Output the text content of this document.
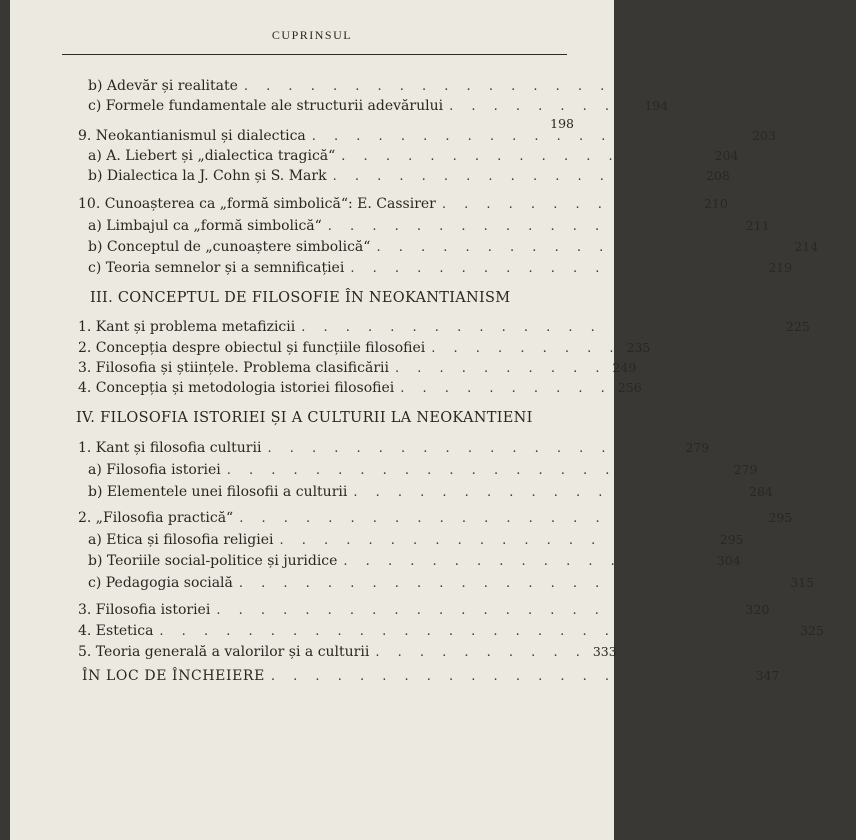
CUPRINSUL
b) Adevăr și realitate . . . . . . . . . . . . . . . . . . . . . . . . . . . .
c) Formele fundamentale ale structurii adevărului . . . . . . . . . 194
198
9. Neokantianismul și dialectica . . . . . . . . . . . . . . . . . . . . 203
a) A. Liebert și „dialectica tragică“ . . . . . . . . . . . . . . . . . 204
b) Dialectica la J. Cohn și S. Mark . . . . . . . . . . . . . . . . . 208
10. Cunoașterea ca „formă simbolică“: E. Cassirer . . . . . . . . . . . . 210
a) Limbajul ca „formă simbolică“ . . . . . . . . . . . . . . . . . . . 211
b) Conceptul de „cunoaștere simbolică“ . . . . . . . . . . . . . . . . . . . 214
c) Teoria semnelor și a semnificației . . . . . . . . . . . . . . . . . . . 219
III. CONCEPTUL DE FILOSOFIE ÎN NEOKANTIANISM
1. Kant și problema metafizicii . . . . . . . . . . . . . . . . . . . . . . 225
2. Concepția despre obiectul și funcțiile filosofiei . . . . . . . . . 235
3. Filosofia și științele. Problema clasificării . . . . . . . . . . 249
4. Concepția și metodologia istoriei filosofiei . . . . . . . . . . 256
IV. FILOSOFIA ISTORIEI ȘI A CULTURII LA NEOKANTIENI
1. Kant și filosofia culturii . . . . . . . . . . . . . . . . . . . 279
a) Filosofia istoriei . . . . . . . . . . . . . . . . . . . . . . . 279
b) Elementele unei filosofii a culturii . . . . . . . . . . . . . . . . . . 284
2. „Filosofia practică“ . . . . . . . . . . . . . . . . . . . . . . . . 295
a) Etica și filosofia religiei . . . . . . . . . . . . . . . . . . . . 295
b) Teoriile social-politice și juridice . . . . . . . . . . . . . . . . . 304
c) Pedagogia socială . . . . . . . . . . . . . . . . . . . . . . . . . 315
3. Filosofia istoriei . . . . . . . . . . . . . . . . . . . . . . . . 320
4. Estetica . . . . . . . . . . . . . . . . . . . . . . . . . . . . . 325
5. Teoria generală a valorilor și a culturii . . . . . . . . . . 333
ÎN LOC DE ÎNCHEIERE . . . . . . . . . . . . . . . . . . . . . . 347
